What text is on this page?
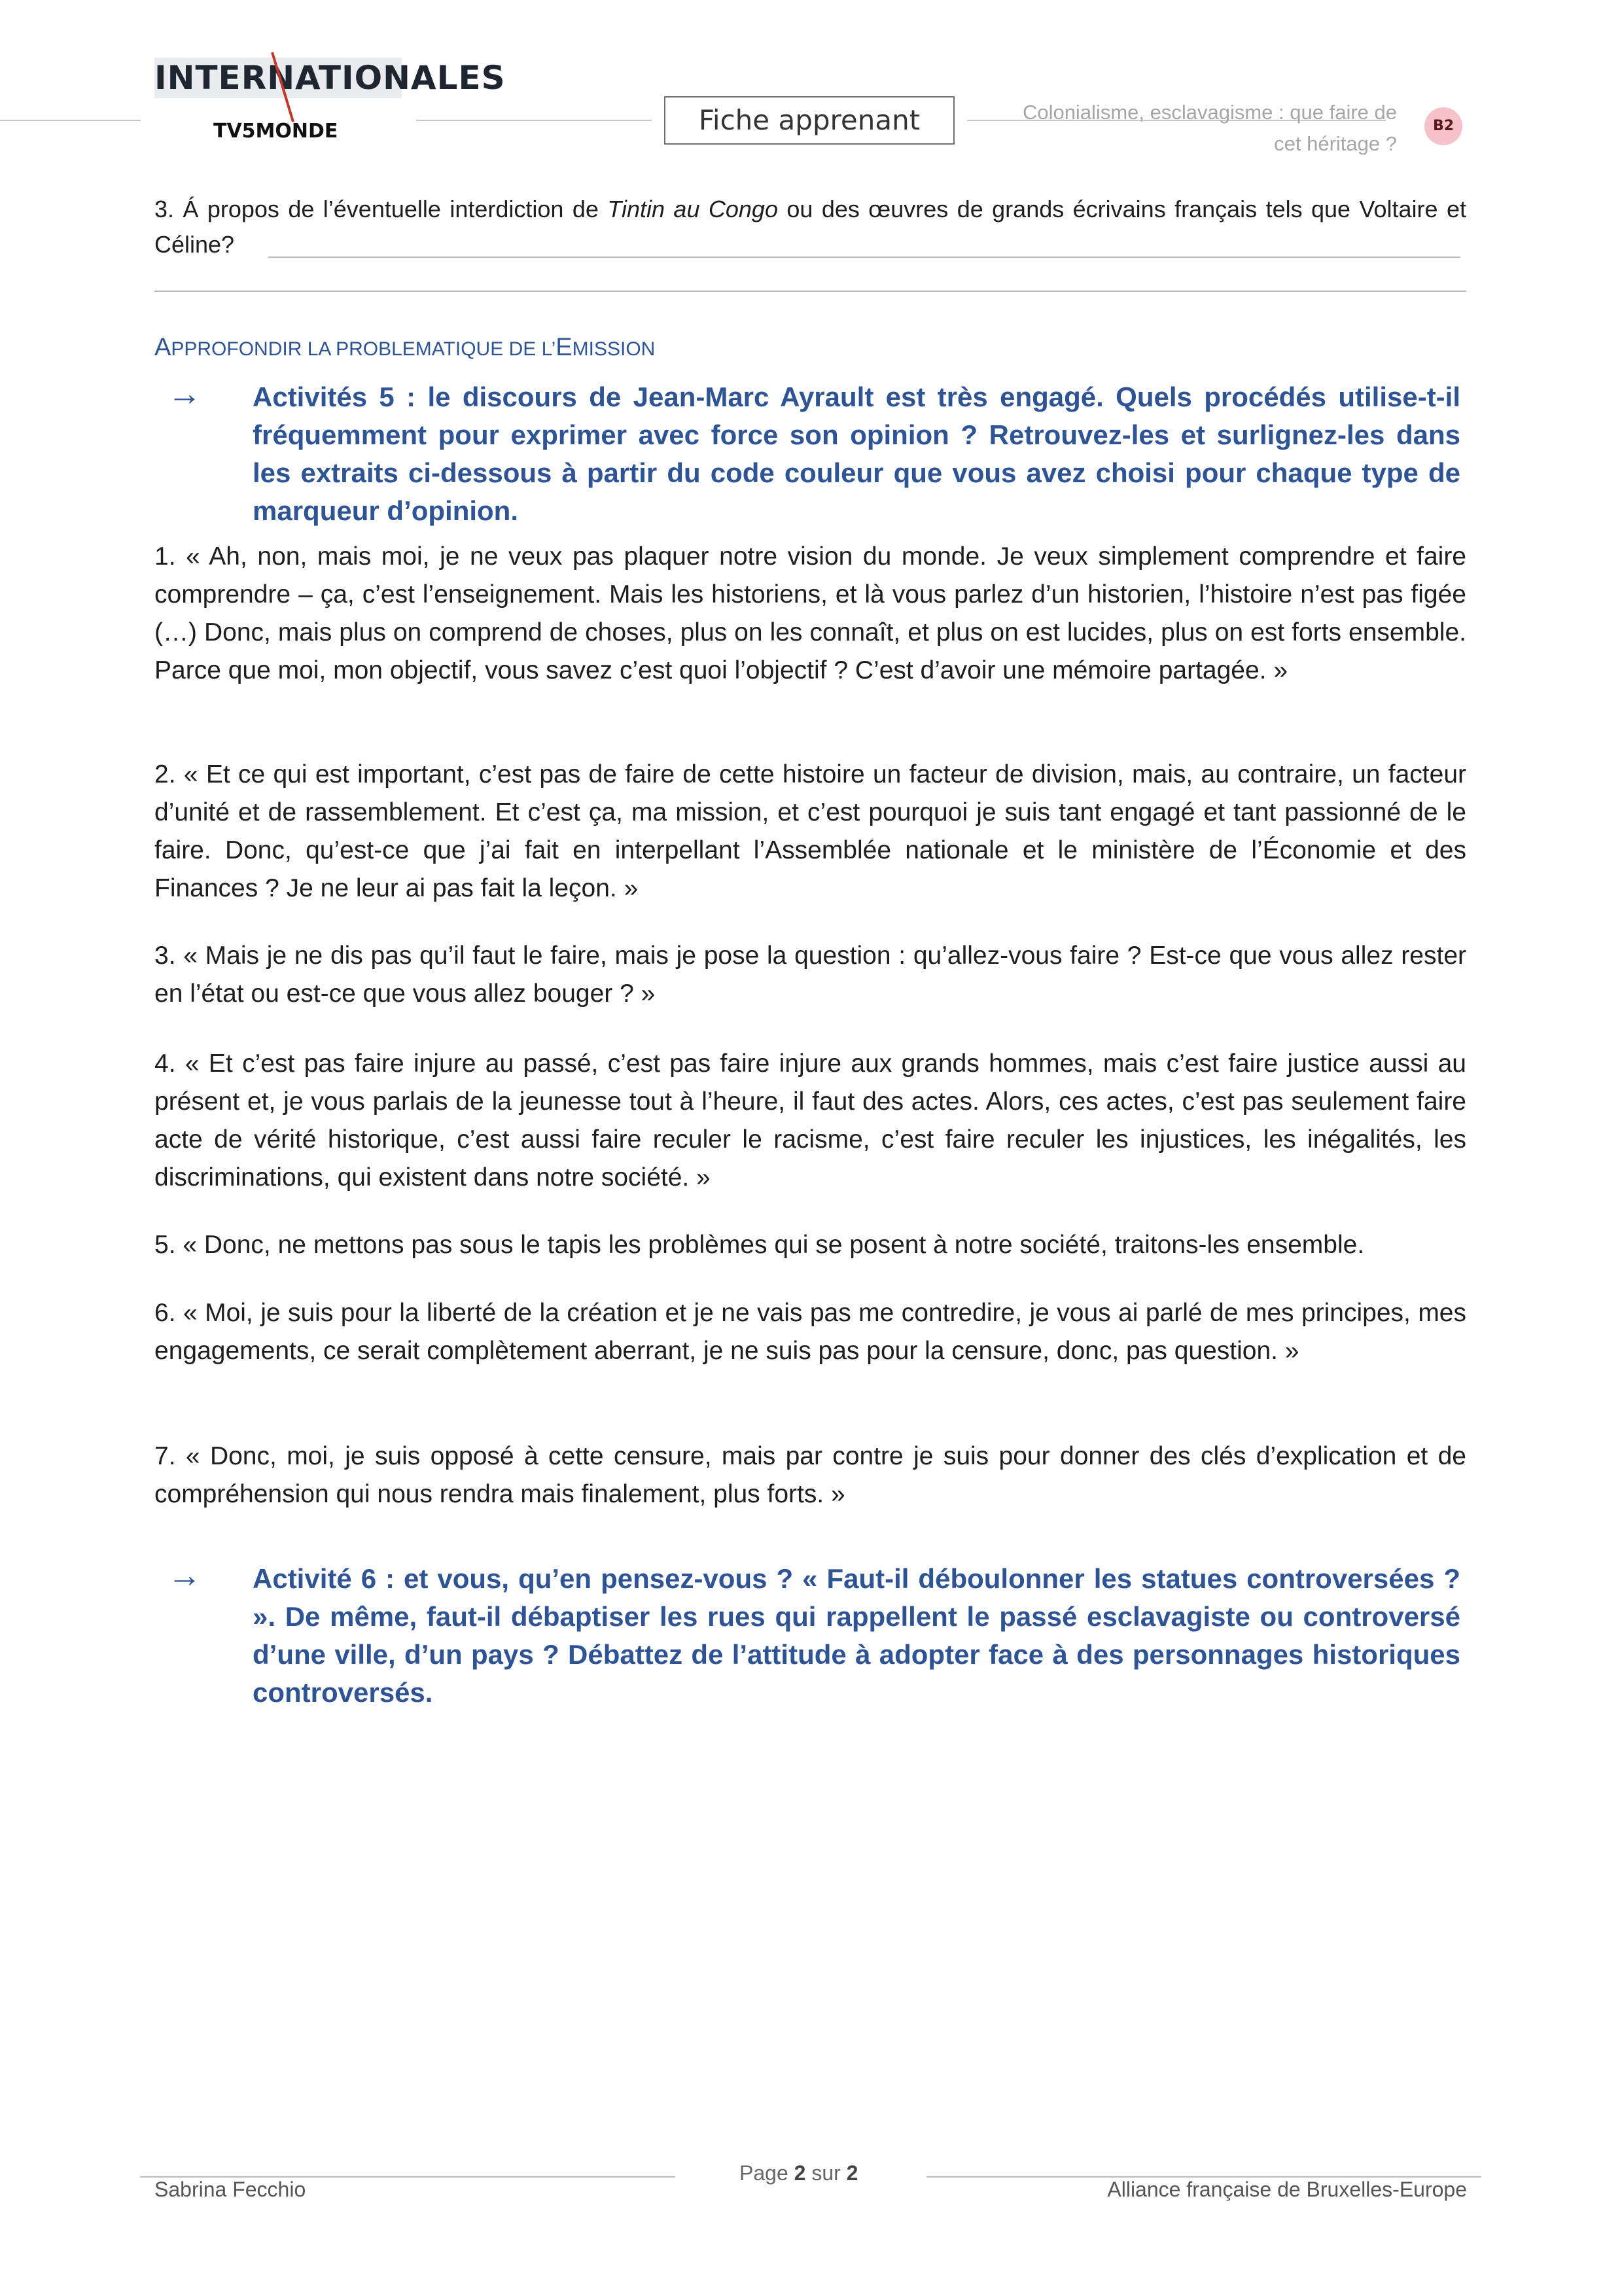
INTERNATIONALES
TV5MONDE	Fiche apprenant	Colonialisme, esclavagisme : que faire de
cet héritage ?
B2
3. Á propos de l’éventuelle interdiction de Tintin au Congo ou des œuvres de grands écrivains français tels que Voltaire et Céline?
APPROFONDIR LA PROBLEMATIQUE DE L’EMISSION
→ Activités 5 : le discours de Jean-Marc Ayrault est très engagé. Quels procédés utilise-t-il fréquemment pour exprimer avec force son opinion ? Retrouvez-les et surlignez-les dans les extraits ci-dessous à partir du code couleur que vous avez choisi pour chaque type de marqueur d’opinion.
1. « Ah, non, mais moi, je ne veux pas plaquer notre vision du monde. Je veux simplement comprendre et faire comprendre – ça, c’est l’enseignement. Mais les historiens, et là vous parlez d’un historien, l’histoire n’est pas figée (…) Donc, mais plus on comprend de choses, plus on les connaît, et plus on est lucides, plus on est forts ensemble. Parce que moi, mon objectif, vous savez c’est quoi l’objectif ? C’est d’avoir une mémoire partagée. »
2. « Et ce qui est important, c’est pas de faire de cette histoire un facteur de division, mais, au contraire, un facteur d’unité et de rassemblement. Et c’est ça, ma mission, et c’est pourquoi je suis tant engagé et tant passionné de le faire. Donc, qu’est-ce que j’ai fait en interpellant l’Assemblée nationale et le ministère de l’Économie et des Finances ? Je ne leur ai pas fait la leçon. »
3. « Mais je ne dis pas qu’il faut le faire, mais je pose la question : qu’allez-vous faire ? Est-ce que vous allez rester en l’état ou est-ce que vous allez bouger ? »
4. « Et c’est pas faire injure au passé, c’est pas faire injure aux grands hommes, mais c’est faire justice aussi au présent et, je vous parlais de la jeunesse tout à l’heure, il faut des actes. Alors, ces actes, c’est pas seulement faire acte de vérité historique, c’est aussi faire reculer le racisme, c’est faire reculer les injustices, les inégalités, les discriminations, qui existent dans notre société. »
5. « Donc, ne mettons pas sous le tapis les problèmes qui se posent à notre société, traitons-les ensemble.
6. « Moi, je suis pour la liberté de la création et je ne vais pas me contredire, je vous ai parlé de mes principes, mes engagements, ce serait complètement aberrant, je ne suis pas pour la censure, donc, pas question. »
7. « Donc, moi, je suis opposé à cette censure, mais par contre je suis pour donner des clés d’explication et de compréhension qui nous rendra mais finalement, plus forts. »
→ Activité 6 : et vous, qu’en pensez-vous ? « Faut-il déboulonner les statues controversées ? ». De même, faut-il débaptiser les rues qui rappellent le passé esclavagiste ou controversé d’une ville, d’un pays ? Débattez de l’attitude à adopter face à des personnages historiques controversés.
Sabrina Fecchio
Page 2 sur 2
Alliance française de Bruxelles-Europe
